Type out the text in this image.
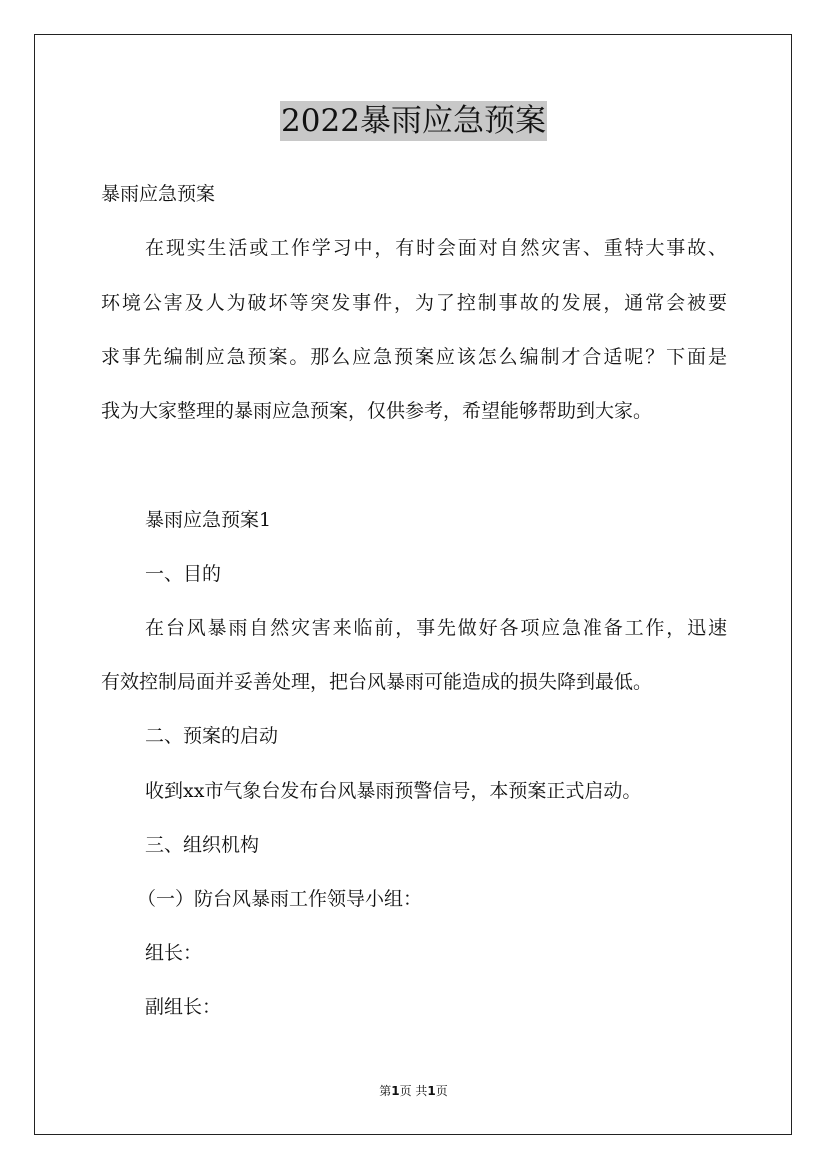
2022暴雨应急预案
暴雨应急预案
在现实生活或工作学习中，有时会面对自然灾害、重特大事故、
环境公害及人为破坏等突发事件，为了控制事故的发展，通常会被要
求事先编制应急预案。那么应急预案应该怎么编制才合适呢？下面是
我为大家整理的暴雨应急预案，仅供参考，希望能够帮助到大家。
暴雨应急预案1
一、目的
在台风暴雨自然灾害来临前，事先做好各项应急准备工作，迅速
有效控制局面并妥善处理，把台风暴雨可能造成的损失降到最低。
二、预案的启动
收到xx市气象台发布台风暴雨预警信号，本预案正式启动。
三、组织机构
（一）防台风暴雨工作领导小组：
组长：
副组长：
第1页 共1页
